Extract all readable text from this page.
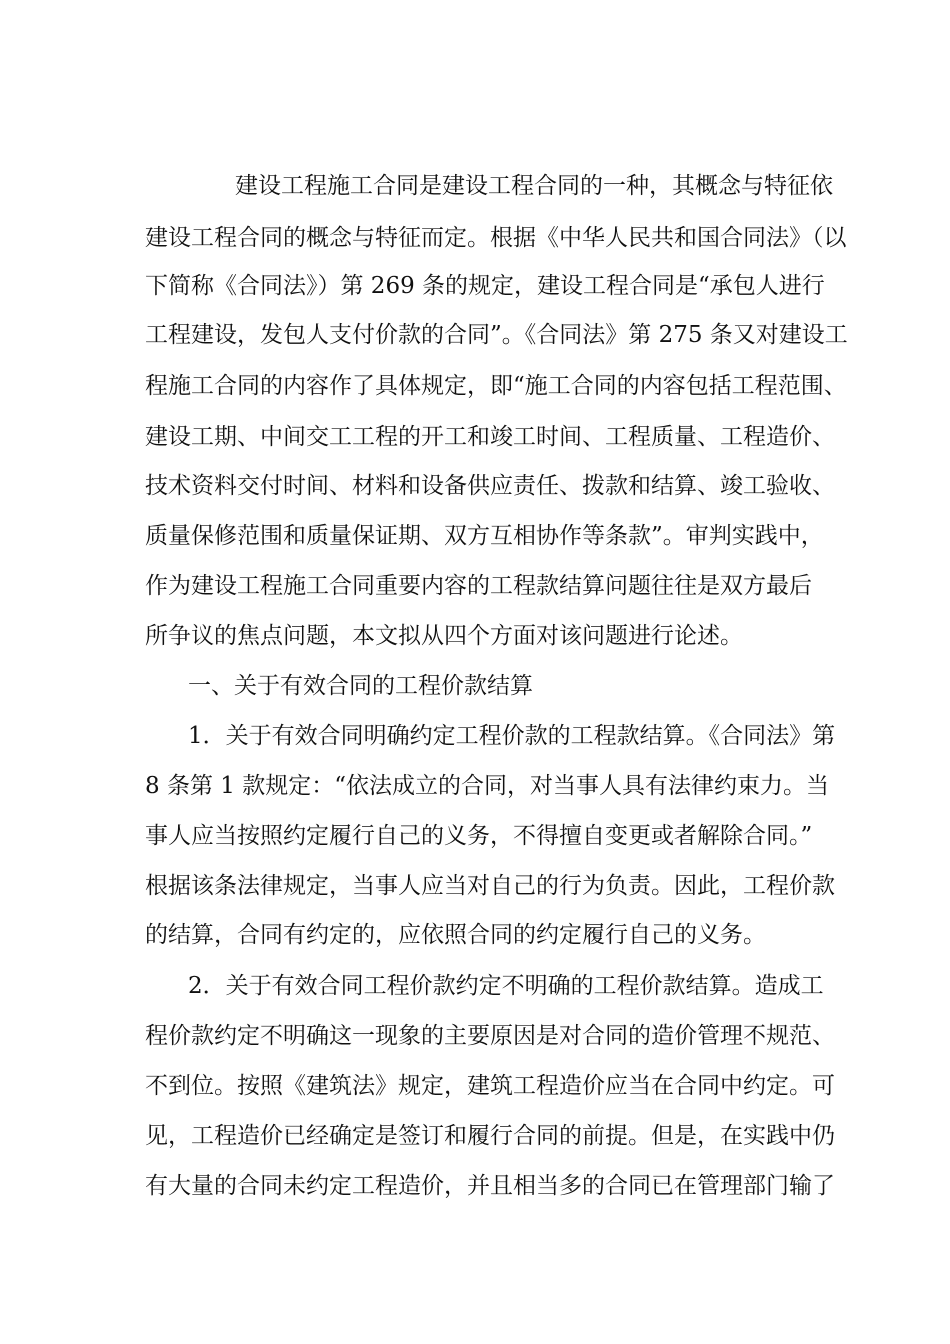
建设工程施工合同是建设工程合同的一种，其概念与特征依
建设工程合同的概念与特征而定。根据《中华人民共和国合同法》（以
下简称《合同法》）第 269 条的规定，建设工程合同是“承包人进行
工程建设，发包人支付价款的合同”。《合同法》第 275 条又对建设工
程施工合同的内容作了具体规定，即“施工合同的内容包括工程范围、
建设工期、中间交工工程的开工和竣工时间、工程质量、工程造价、
技术资料交付时间、材料和设备供应责任、拨款和结算、竣工验收、
质量保修范围和质量保证期、双方互相协作等条款”。审判实践中，
作为建设工程施工合同重要内容的工程款结算问题往往是双方最后
所争议的焦点问题，本文拟从四个方面对该问题进行论述。
一、关于有效合同的工程价款结算
1．关于有效合同明确约定工程价款的工程款结算。《合同法》第
8 条第 1 款规定：“依法成立的合同，对当事人具有法律约束力。当
事人应当按照约定履行自己的义务，不得擅自变更或者解除合同。”
根据该条法律规定，当事人应当对自己的行为负责。因此，工程价款
的结算，合同有约定的，应依照合同的约定履行自己的义务。
2．关于有效合同工程价款约定不明确的工程价款结算。造成工
程价款约定不明确这一现象的主要原因是对合同的造价管理不规范、
不到位。按照《建筑法》规定，建筑工程造价应当在合同中约定。可
见，工程造价已经确定是签订和履行合同的前提。但是，在实践中仍
有大量的合同未约定工程造价，并且相当多的合同已在管理部门输了
